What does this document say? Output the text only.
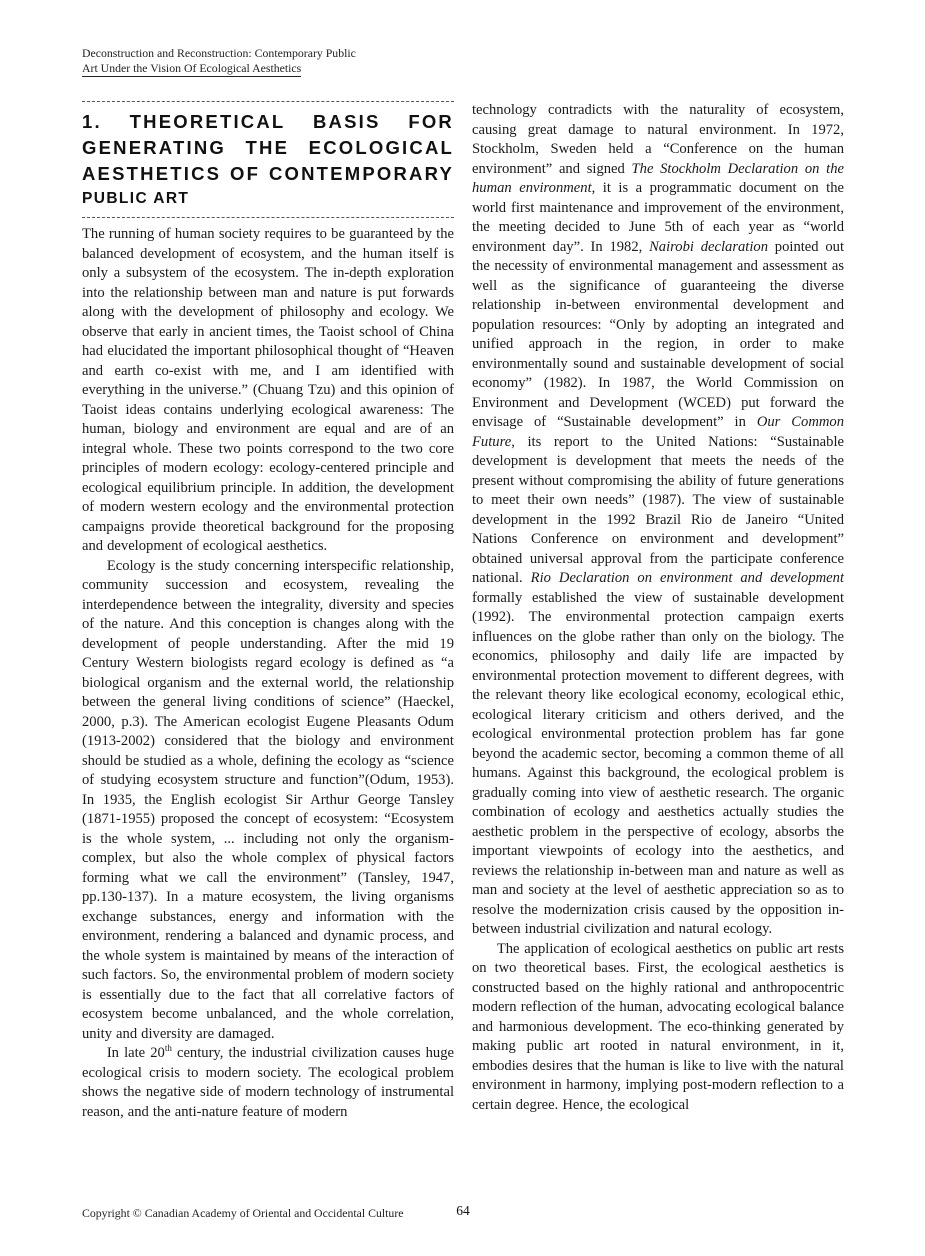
Deconstruction and Reconstruction: Contemporary Public
Art Under the Vision Of Ecological Aesthetics
1. THEORETICAL BASIS FOR GENERATING THE ECOLOGICAL AESTHETICS OF CONTEMPORARY
PUBLIC ART

The running of human society requires to be guaranteed by the balanced development of ecosystem, and the human itself is only a subsystem of the ecosystem. The in-depth exploration into the relationship between man and nature is put forwards along with the development of philosophy and ecology. We observe that early in ancient times, the Taoist school of China had elucidated the important philosophical thought of “Heaven and earth co-exist with me, and I am identified with everything in the universe.” (Chuang Tzu) and this opinion of Taoist ideas contains underlying ecological awareness: The human, biology and environment are equal and are of an integral whole. These two points correspond to the two core principles of modern ecology: ecology-centered principle and ecological equilibrium principle. In addition, the development of modern western ecology and the environmental protection campaigns provide theoretical background for the proposing and development of ecological aesthetics.

Ecology is the study concerning interspecific relationship, community succession and ecosystem, revealing the interdependence between the integrality, diversity and species of the nature. And this conception is changes along with the development of people understanding. After the mid 19 Century Western biologists regard ecology is defined as “a biological organism and the external world, the relationship between the general living conditions of science” (Haeckel, 2000, p.3). The American ecologist Eugene Pleasants Odum (1913-2002) considered that the biology and environment should be studied as a whole, defining the ecology as “science of studying ecosystem structure and function”(Odum, 1953). In 1935, the English ecologist Sir Arthur George Tansley (1871-1955) proposed the concept of ecosystem: “Ecosystem is the whole system, ... including not only the organism-complex, but also the whole complex of physical factors forming what we call the environment” (Tansley, 1947, pp.130-137). In a mature ecosystem, the living organisms exchange substances, energy and information with the environment, rendering a balanced and dynamic process, and the whole system is maintained by means of the interaction of such factors. So, the environmental problem of modern society is essentially due to the fact that all correlative factors of ecosystem become unbalanced, and the whole correlation, unity and diversity are damaged.

In late 20th century, the industrial civilization causes huge ecological crisis to modern society. The ecological problem shows the negative side of modern technology of instrumental reason, and the anti-nature feature of modern

technology contradicts with the naturality of ecosystem, causing great damage to natural environment. In 1972, Stockholm, Sweden held a “Conference on the human environment” and signed The Stockholm Declaration on the human environment, it is a programmatic document on the world first maintenance and improvement of the environment, the meeting decided to June 5th of each year as “world environment day”. In 1982, Nairobi declaration pointed out the necessity of environmental management and assessment as well as the significance of guaranteeing the diverse relationship in-between environmental development and population resources: “Only by adopting an integrated and unified approach in the region, in order to make environmentally sound and sustainable development of social economy” (1982). In 1987, the World Commission on Environment and Development (WCED) put forward the envisage of “Sustainable development” in Our Common Future, its report to the United Nations: “Sustainable development is development that meets the needs of the present without compromising the ability of future generations to meet their own needs” (1987). The view of sustainable development in the 1992 Brazil Rio de Janeiro “United Nations Conference on environment and development” obtained universal approval from the participate conference national. Rio Declaration on environment and development formally established the view of sustainable development (1992). The environmental protection campaign exerts influences on the globe rather than only on the biology. The economics, philosophy and daily life are impacted by environmental protection movement to different degrees, with the relevant theory like ecological economy, ecological ethic, ecological literary criticism and others derived, and the ecological environmental protection problem has far gone beyond the academic sector, becoming a common theme of all humans. Against this background, the ecological problem is gradually coming into view of aesthetic research. The organic combination of ecology and aesthetics actually studies the aesthetic problem in the perspective of ecology, absorbs the important viewpoints of ecology into the aesthetics, and reviews the relationship in-between man and nature as well as man and society at the level of aesthetic appreciation so as to resolve the modernization crisis caused by the opposition in-between industrial civilization and natural ecology.

The application of ecological aesthetics on public art rests on two theoretical bases. First, the ecological aesthetics is constructed based on the highly rational and anthropocentric modern reflection of the human, advocating ecological balance and harmonious development. The eco-thinking generated by making public art rooted in natural environment, in it, embodies desires that the human is like to live with the natural environment in harmony, implying post-modern reflection to a certain degree. Hence, the ecological

Copyright © Canadian Academy of Oriental and Occidental Culture	64
